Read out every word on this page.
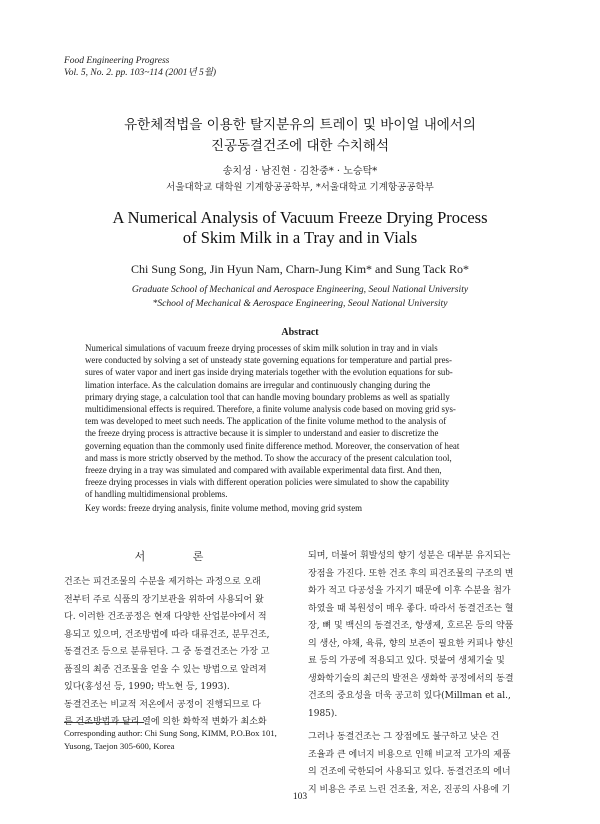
Food Engineering Progress
Vol. 5, No. 2. pp. 103~114 (2001년 5월)
유한체적법을 이용한 탈지분유의 트레이 및 바이얼 내에서의
진공동결건조에 대한 수치해석
송치성 · 남진현 · 김찬중* · 노승탁*
서울대학교 대학원 기계항공공학부, *서울대학교 기계항공공학부
A Numerical Analysis of Vacuum Freeze Drying Process
of Skim Milk in a Tray and in Vials
Chi Sung Song, Jin Hyun Nam, Charn-Jung Kim* and Sung Tack Ro*
Graduate School of Mechanical and Aerospace Engineering, Seoul National University
*School of Mechanical & Aerospace Engineering, Seoul National University
Abstract
Numerical simulations of vacuum freeze drying processes of skim milk solution in tray and in vials
were conducted by solving a set of unsteady state governing equations for temperature and partial pres-
sures of water vapor and inert gas inside drying materials together with the evolution equations for sub-
limation interface. As the calculation domains are irregular and continuously changing during the
primary drying stage, a calculation tool that can handle moving boundary problems as well as spatially
multidimensional effects is required. Therefore, a finite volume analysis code based on moving grid sys-
tem was developed to meet such needs. The application of the finite volume method to the analysis of
the freeze drying process is attractive because it is simpler to understand and easier to discretize the
governing equation than the commonly used finite difference method. Moreover, the conservation of heat
and mass is more strictly observed by the method. To show the accuracy of the present calculation tool,
freeze drying in a tray was simulated and compared with available experimental data first. And then,
freeze drying processes in vials with different operation policies were simulated to show the capability
of handling multidimensional problems.
Key words: freeze drying analysis, finite volume method, moving grid system
서 론
건조는 피건조물의 수분을 제거하는 과정으로 오래
전부터 주로 식품의 장기보관을 위하여 사용되어 왔
다. 이러한 건조공정은 현재 다양한 산업분야에서 적
용되고 있으며, 건조방법에 따라 대류건조, 분무건조,
동결건조 등으로 분류된다. 그 중 동결건조는 가장 고
품질의 최종 건조물을 얻을 수 있는 방법으로 알려져
있다(홍성선 등, 1990; 박노현 등, 1993).
동결건조는 비교적 저온에서 공정이 진행되므로 다
른 건조방법과 달리 열에 의한 화학적 변화가 최소화
되며, 더불어 휘발성의 향기 성분은 대부분 유지되는
장점을 가진다. 또한 건조 후의 피건조물의 구조의 변
화가 적고 다공성을 가지기 때문에 이후 수분을 첨가
하였을 때 복원성이 매우 좋다. 따라서 동결건조는 혈
장, 뼈 및 백신의 동결건조, 항생제, 호르몬 등의 약품
의 생산, 야채, 육류, 향의 보존이 필요한 커피나 향신
료 등의 가공에 적용되고 있다. 덧붙여 생체기술 및
생화학기술의 최근의 발전은 생화학 공정에서의 동결
건조의 중요성을 더욱 공고히 있다(Millman et al.,
1985).
그러나 동결건조는 그 장점에도 불구하고 낮은 건
조율과 큰 에너지 비용으로 인해 비교적 고가의 제품
의 건조에 국한되어 사용되고 있다. 동결건조의 에너
지 비용은 주로 느린 건조율, 저온, 진공의 사용에 기
Corresponding author: Chi Sung Song, KIMM, P.O.Box 101,
Yusong, Taejon 305-600, Korea
103
